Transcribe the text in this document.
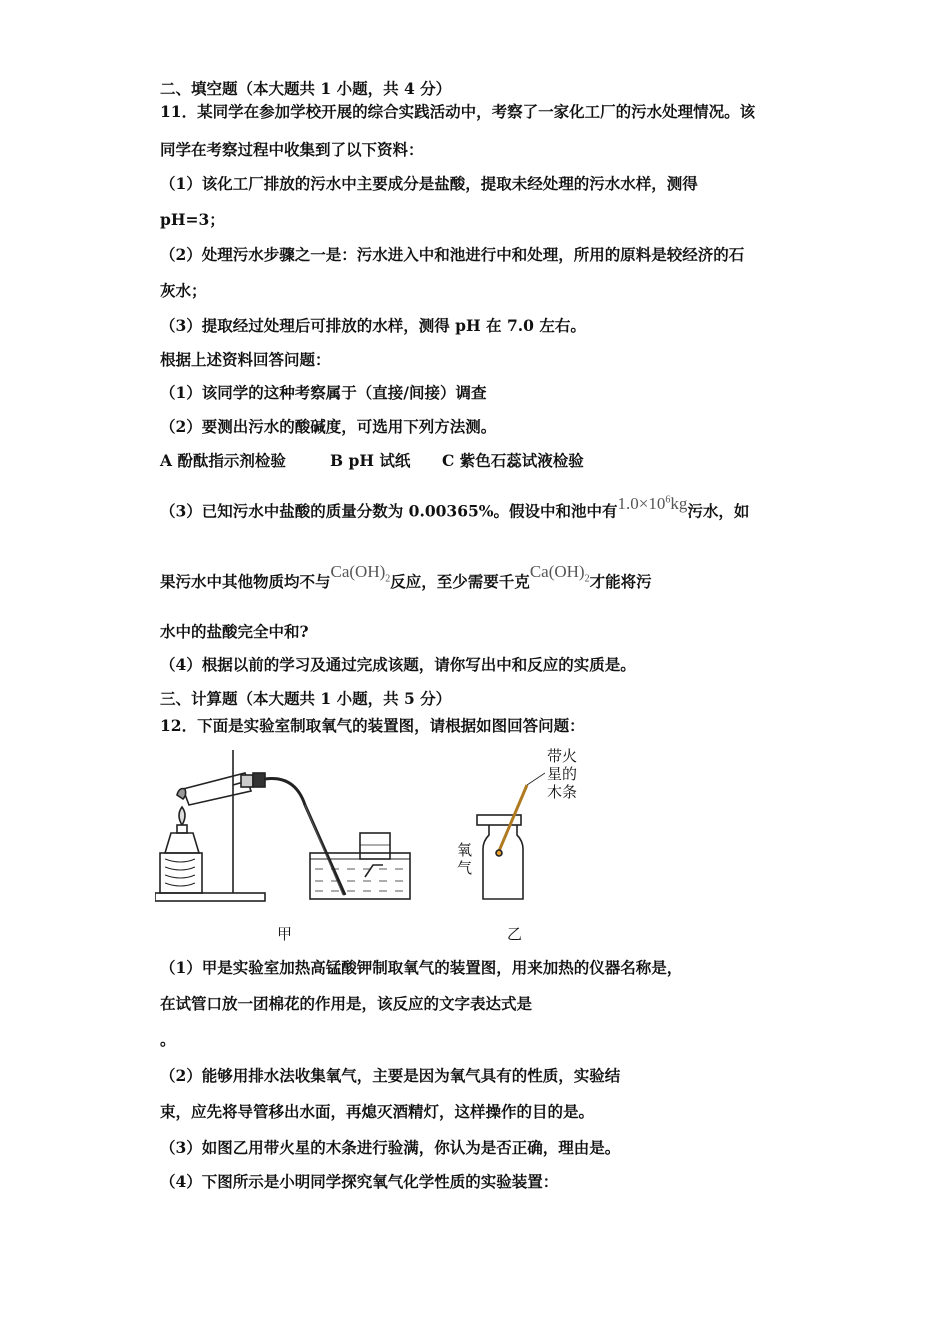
二、填空题（本大题共 1 小题，共 4 分）
11．某同学在参加学校开展的综合实践活动中，考察了一家化工厂的污水处理情况。该
同学在考察过程中收集到了以下资料：
（1）该化工厂排放的污水中主要成分是盐酸，提取未经处理的污水水样，测得
pH=3；
（2）处理污水步骤之一是：污水进入中和池进行中和处理，所用的原料是较经济的石
灰水；
（3）提取经过处理后可排放的水样，测得 pH 在 7.0 左右。
根据上述资料回答问题：
（1）该同学的这种考察属于（直接/间接）调查
（2）要测出污水的酸碱度，可选用下列方法测。
A 酚酞指示剂检验	B pH 试纸 C 紫色石蕊试液检验
（3）已知污水中盐酸的质量分数为 0.00365%。假设中和池中有$1.0\times 10^6kg$污水，如
果污水中其他物质均不与$Ca(OH)_2$反应，至少需要千克$Ca(OH)_2$才能将污
水中的盐酸完全中和?
（4）根据以前的学习及通过完成该题，请你写出中和反应的实质是。
三、计算题（本大题共 1 小题，共 5 分）
12．下面是实验室制取氧气的装置图，请根据如图回答问题：
甲	乙
带火
星的
木条
氧
气
（1）甲是实验室加热高锰酸钾制取氧气的装置图，用来加热的仪器名称是，
在试管口放一团棉花的作用是，该反应的文字表达式是
。
（2）能够用排水法收集氧气，主要是因为氧气具有的性质，实验结
束，应先将导管移出水面，再熄灭酒精灯，这样操作的目的是。
（3）如图乙用带火星的木条进行验满，你认为是否正确，理由是。
（4）下图所示是小明同学探究氧气化学性质的实验装置：
